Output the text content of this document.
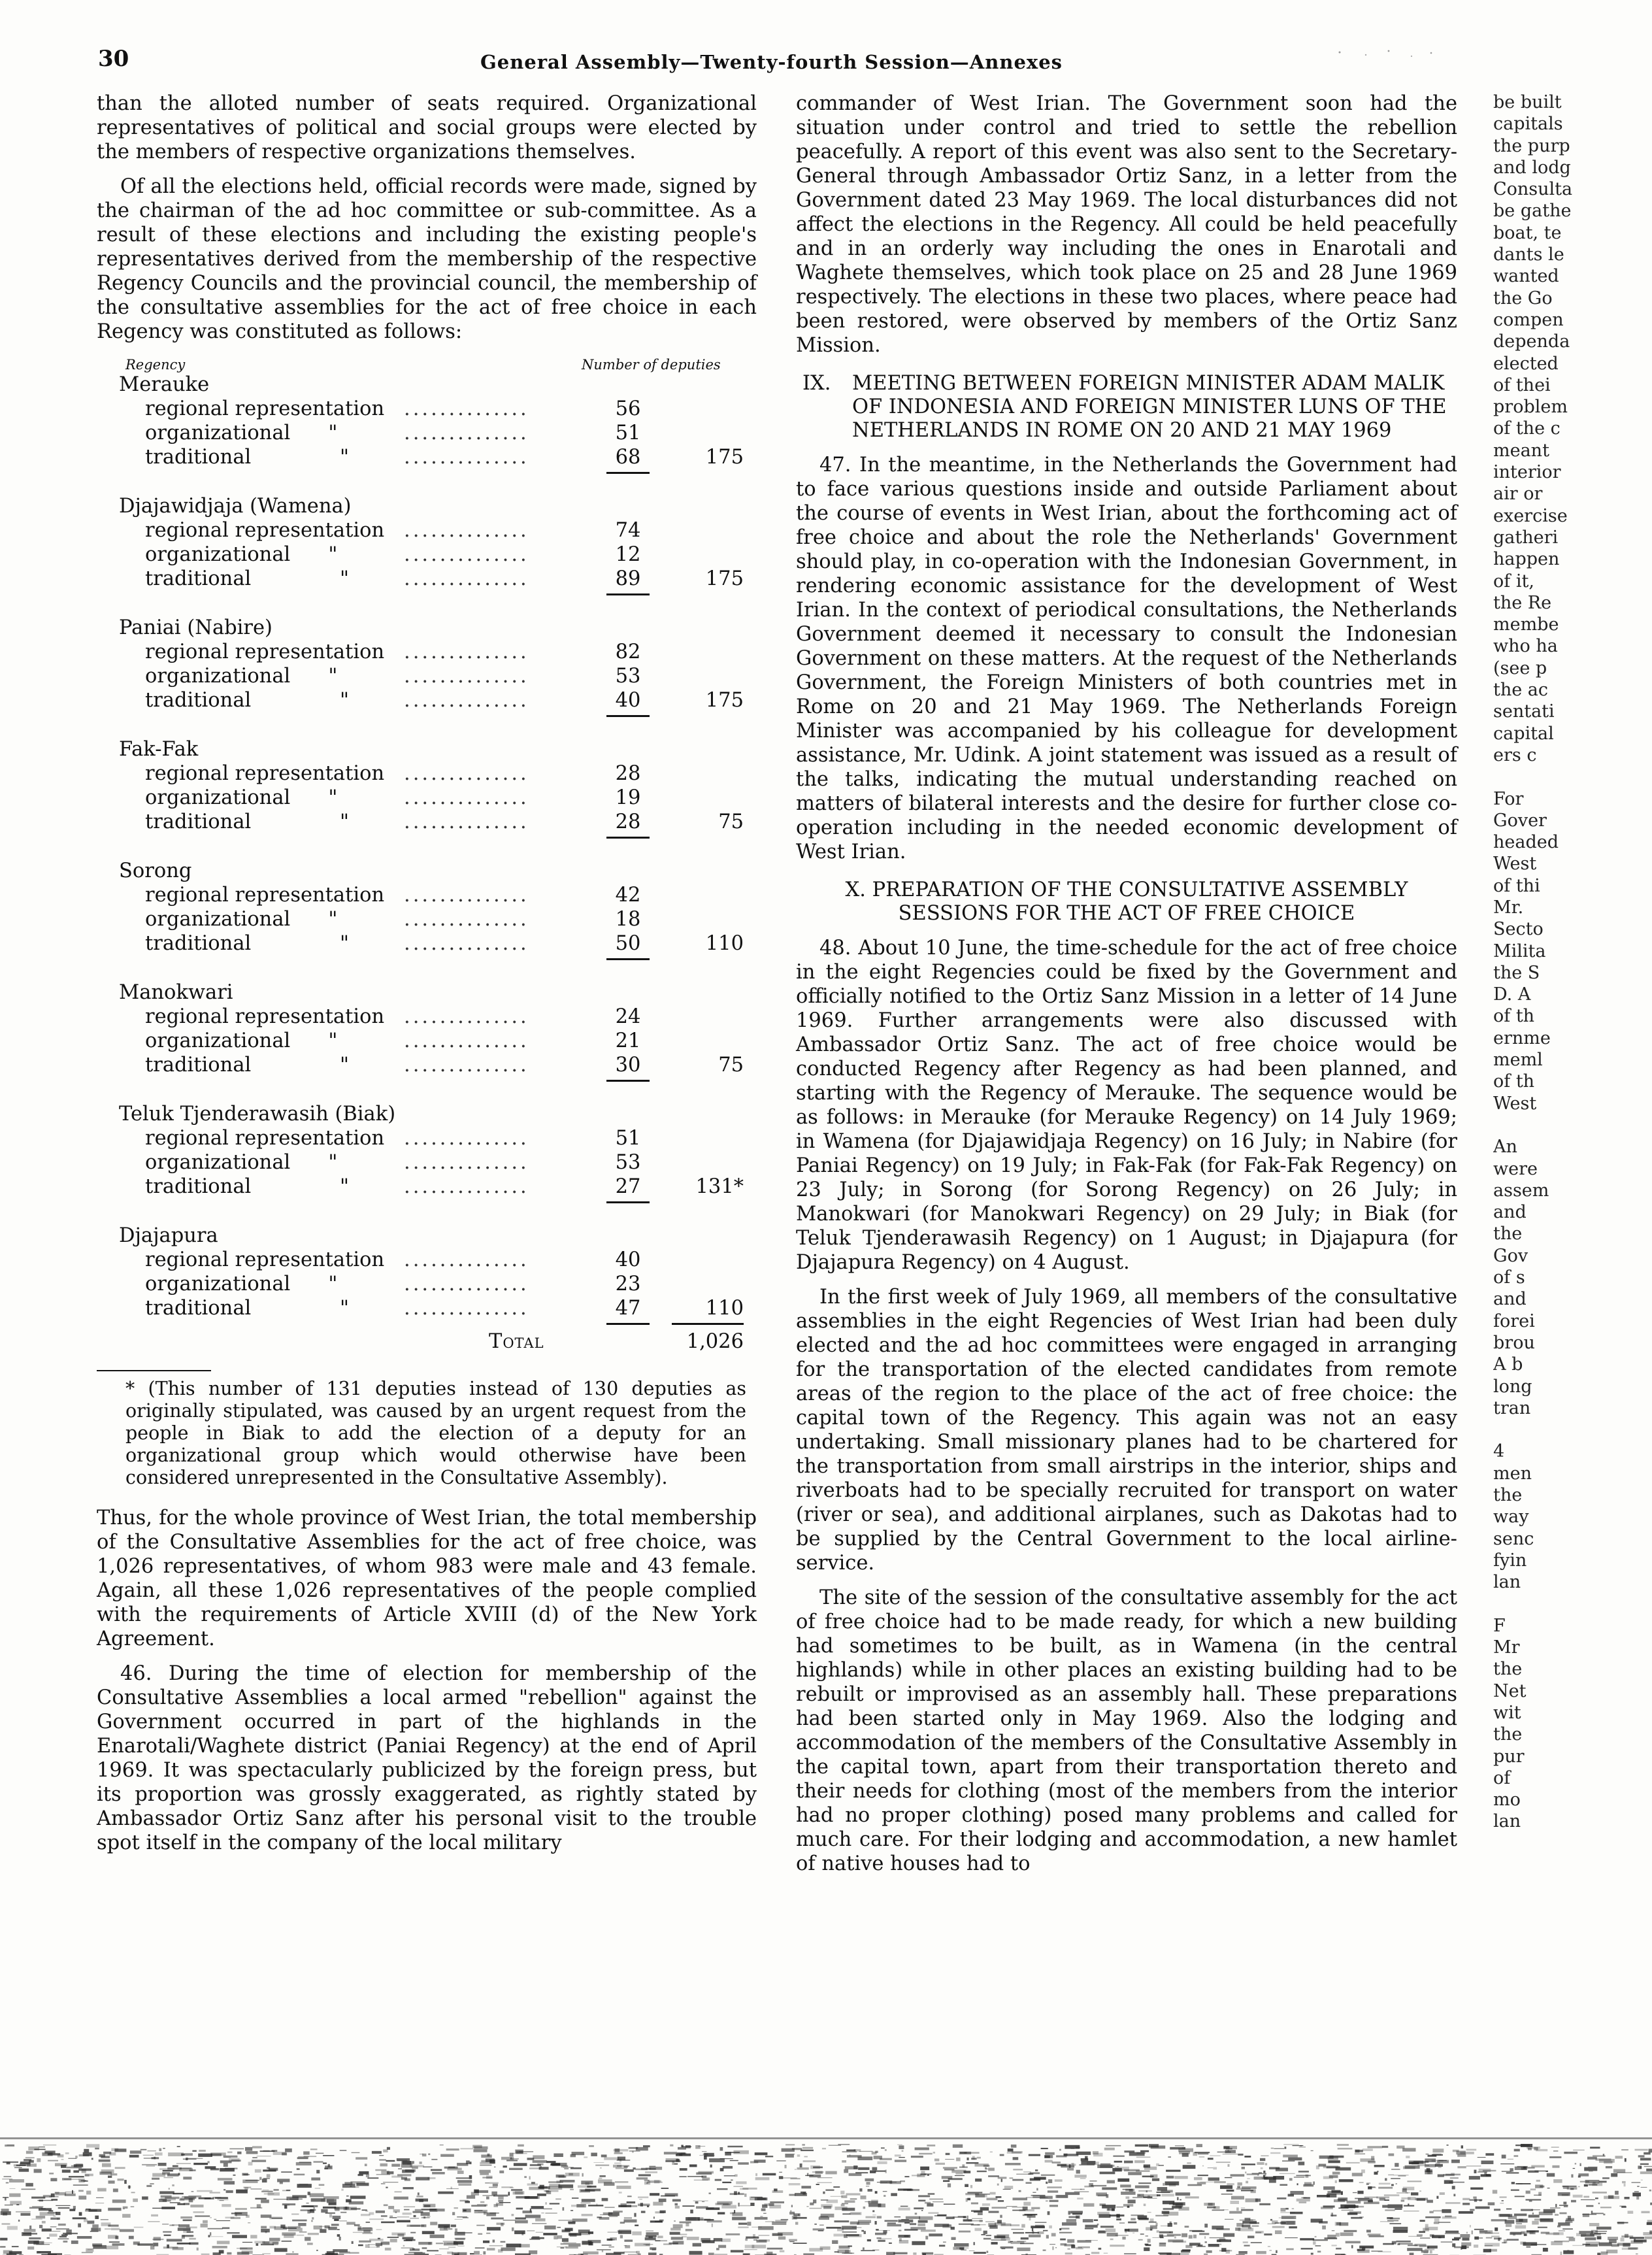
30	General Assembly—Twenty-fourth Session—Annexes

than the alloted number of seats required. Organizational representatives of political and social groups were elected by the members of respective organizations themselves.

Of all the elections held, official records were made, signed by the chairman of the ad hoc committee or sub-committee. As a result of these elections and including the existing people's representatives derived from the membership of the respective Regency Councils and the provincial council, the membership of the consultative assemblies for the act of free choice in each Regency was constituted as follows:

Regency	Number of deputies
Merauke
regional representation ..............	56
organizational      "	..............	51
traditional              "	..............	68	175
Djajawidjaja (Wamena)
regional representation ..............	74
organizational      "	..............	12
traditional              "	..............	89	175
Paniai (Nabire)
regional representation ..............	82
organizational      "	..............	53
traditional              "	..............	40	175
Fak-Fak
regional representation ..............	28
organizational      "	..............	19
traditional              "	..............	28	75
Sorong
regional representation ..............	42
organizational      "	..............	18
traditional              "	..............	50	110
Manokwari
regional representation ..............	24
organizational      "	..............	21
traditional              "	..............	30	75
Teluk Tjenderawasih (Biak)
regional representation ..............	51
organizational      "	..............	53
traditional              "	..............	27	131*
Djajapura
regional representation ..............	40
organizational      "	..............	23
traditional              "	..............	47	110
Total	1,026

* (This number of 131 deputies instead of 130 deputies as originally stipulated, was caused by an urgent request from the people in Biak to add the election of a deputy for an organizational group which would otherwise have been considered unrepresented in the Consultative Assembly).

Thus, for the whole province of West Irian, the total membership of the Consultative Assemblies for the act of free choice, was 1,026 representatives, of whom 983 were male and 43 female. Again, all these 1,026 representatives of the people complied with the requirements of Article XVIII (d) of the New York Agreement.

46. During the time of election for membership of the Consultative Assemblies a local armed "rebellion" against the Government occurred in part of the highlands in the Enarotali/Waghete district (Paniai Regency) at the end of April 1969. It was spectacularly publicized by the foreign press, but its proportion was grossly exaggerated, as rightly stated by Ambassador Ortiz Sanz after his personal visit to the trouble spot itself in the company of the local military

commander of West Irian. The Government soon had the situation under control and tried to settle the rebellion peacefully. A report of this event was also sent to the Secretary-General through Ambassador Ortiz Sanz, in a letter from the Government dated 23 May 1969. The local disturbances did not affect the elections in the Regency. All could be held peacefully and in an orderly way including the ones in Enarotali and Waghete themselves, which took place on 25 and 28 June 1969 respectively. The elections in these two places, where peace had been restored, were observed by members of the Ortiz Sanz Mission.

IX.	MEETING BETWEEN FOREIGN MINISTER ADAM MALIK OF INDONESIA AND FOREIGN MINISTER LUNS OF THE NETHERLANDS IN ROME ON 20 AND 21 MAY 1969

47. In the meantime, in the Netherlands the Government had to face various questions inside and outside Parliament about the course of events in West Irian, about the forthcoming act of free choice and about the role the Netherlands' Government should play, in co-operation with the Indonesian Government, in rendering economic assistance for the development of West Irian. In the context of periodical consultations, the Netherlands Government deemed it necessary to consult the Indonesian Government on these matters. At the request of the Netherlands Government, the Foreign Ministers of both countries met in Rome on 20 and 21 May 1969. The Netherlands Foreign Minister was accompanied by his colleague for development assistance, Mr. Udink. A joint statement was issued as a result of the talks, indicating the mutual understanding reached on matters of bilateral interests and the desire for further close co-operation including in the needed economic development of West Irian.

X. PREPARATION OF THE CONSULTATIVE ASSEMBLY SESSIONS FOR THE ACT OF FREE CHOICE

48. About 10 June, the time-schedule for the act of free choice in the eight Regencies could be fixed by the Government and officially notified to the Ortiz Sanz Mission in a letter of 14 June 1969. Further arrangements were also discussed with Ambassador Ortiz Sanz. The act of free choice would be conducted Regency after Regency as had been planned, and starting with the Regency of Merauke. The sequence would be as follows: in Merauke (for Merauke Regency) on 14 July 1969; in Wamena (for Djajawidjaja Regency) on 16 July; in Nabire (for Paniai Regency) on 19 July; in Fak-Fak (for Fak-Fak Regency) on 23 July; in Sorong (for Sorong Regency) on 26 July; in Manokwari (for Manokwari Regency) on 29 July; in Biak (for Teluk Tjenderawasih Regency) on 1 August; in Djajapura (for Djajapura Regency) on 4 August.

In the first week of July 1969, all members of the consultative assemblies in the eight Regencies of West Irian had been duly elected and the ad hoc committees were engaged in arranging for the transportation of the elected candidates from remote areas of the region to the place of the act of free choice: the capital town of the Regency. This again was not an easy undertaking. Small missionary planes had to be chartered for the transportation from small airstrips in the interior, ships and riverboats had to be specially recruited for transport on water (river or sea), and additional airplanes, such as Dakotas had to be supplied by the Central Government to the local airline-service.

The site of the session of the consultative assembly for the act of free choice had to be made ready, for which a new building had sometimes to be built, as in Wamena (in the central highlands) while in other places an existing building had to be rebuilt or improvised as an assembly hall. These preparations had been started only in May 1969. Also the lodging and accommodation of the members of the Consultative Assembly in the capital town, apart from their transportation thereto and their needs for clothing (most of the members from the interior had no proper clothing) posed many problems and called for much care. For their lodging and accommodation, a new hamlet of native houses had to

be built
capitals
the purp
and lodg
Consulta
be gathe
boat, te
dants le
wanted
the Go
compen
dependa
elected
of thei
problem
of the c
meant
interior
air or
exercise
gatheri
happen
of it,
the Re
membe
who ha
(see p
the ac
sentati
capital
ers c
For
Gover
headed
West
of thi
Mr.
Secto
Milita
the S
D. A
of th
ernme
meml
of th
West
An
were
assem
and
the
Gov
of s
and
forei
brou
A b
long
tran
4
men
the
way
senc
fyin
lan
F
Mr
the
Net
wit
the
pur
of
mo
lan
